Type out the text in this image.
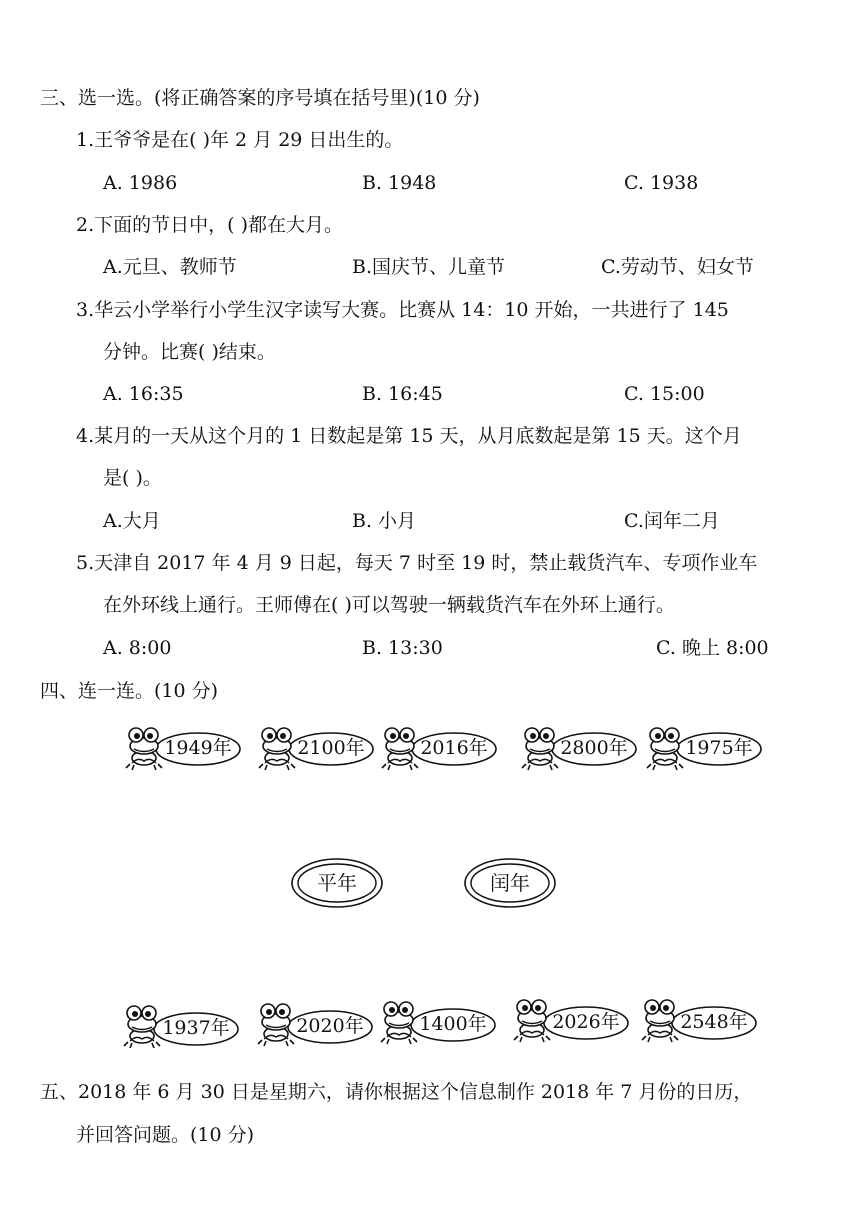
三、选一选。(将正确答案的序号填在括号里)(10 分)
1.王爷爷是在( )年 2 月 29 日出生的。
A. 1986	B. 1948	C. 1938
2.下面的节日中，( )都在大月。
A.元旦、教师节	B.国庆节、儿童节	C.劳动节、妇女节
3.华云小学举行小学生汉字读写大赛。比赛从 14：10 开始，一共进行了 145
分钟。比赛( )结束。
A. 16:35	B. 16:45	C. 15:00
4.某月的一天从这个月的 1 日数起是第 15 天，从月底数起是第 15 天。这个月
是( )。
A.大月	B. 小月	C.闰年二月
5.天津自 2017 年 4 月 9 日起，每天 7 时至 19 时，禁止载货汽车、专项作业车
在外环线上通行。王师傅在( )可以驾驶一辆载货汽车在外环上通行。
A. 8:00	B. 13:30	C. 晚上 8:00
四、连一连。(10 分)
1949年	2100年	2016年	2800年	1975年
平年	闰年
1937年	2020年	1400年	2026年	2548年
五、2018 年 6 月 30 日是星期六，请你根据这个信息制作 2018 年 7 月份的日历，
并回答问题。(10 分)
